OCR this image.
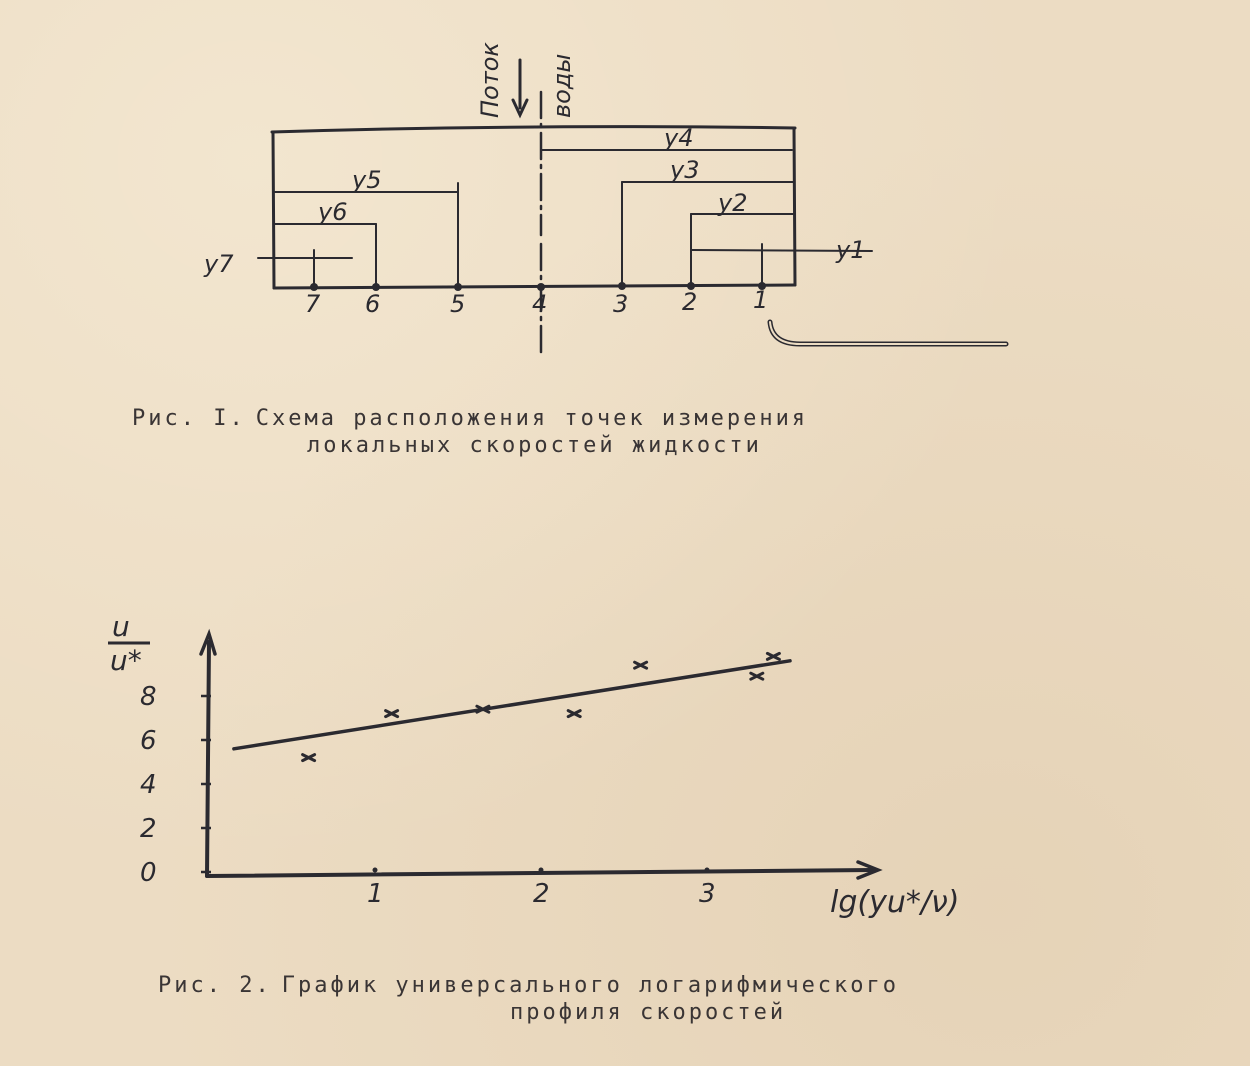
Поток воды
у4
у3
у2
у1
у5
у6
у7
7 6	5	4	3 2 1
Рис. I. Схема расположения точек измерения
локальных скоростей жидкости
u
u*
lg(yu*/ν)
0
2
4
6
8
1	2	3
Рис. 2. График универсального логарифмического
профиля скоростей
